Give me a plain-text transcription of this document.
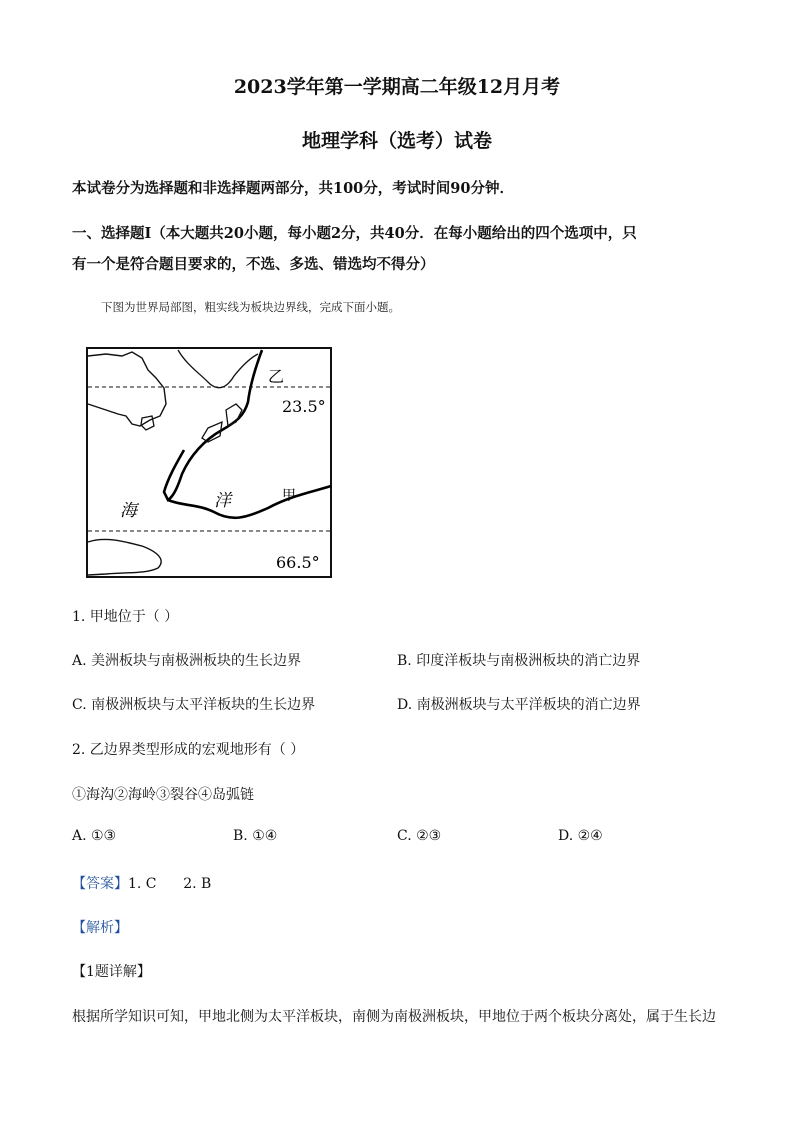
2023学年第一学期高二年级12月月考
地理学科（选考）试卷
本试卷分为选择题和非选择题两部分，共100分，考试时间90分钟．
一、选择题Ⅰ（本大题共20小题，每小题2分，共40分．在每小题给出的四个选项中，只
有一个是符合题目要求的，不选、多选、错选均不得分）
下图为世界局部图，粗实线为板块边界线，完成下面小题。
乙
23.5°
甲
海	洋
66.5°
1. 甲地位于（ ）
A. 美洲板块与南极洲板块的生长边界	B. 印度洋板块与南极洲板块的消亡边界
C. 南极洲板块与太平洋板块的生长边界	D. 南极洲板块与太平洋板块的消亡边界
2. 乙边界类型形成的宏观地形有（ ）
①海沟②海岭③裂谷④岛弧链
A. ①③	B. ①④	C. ②③	D. ②④
【答案】1. C      2. B
【解析】
【1题详解】
根据所学知识可知，甲地北侧为太平洋板块，南侧为南极洲板块，甲地位于两个板块分离处，属于生长边
